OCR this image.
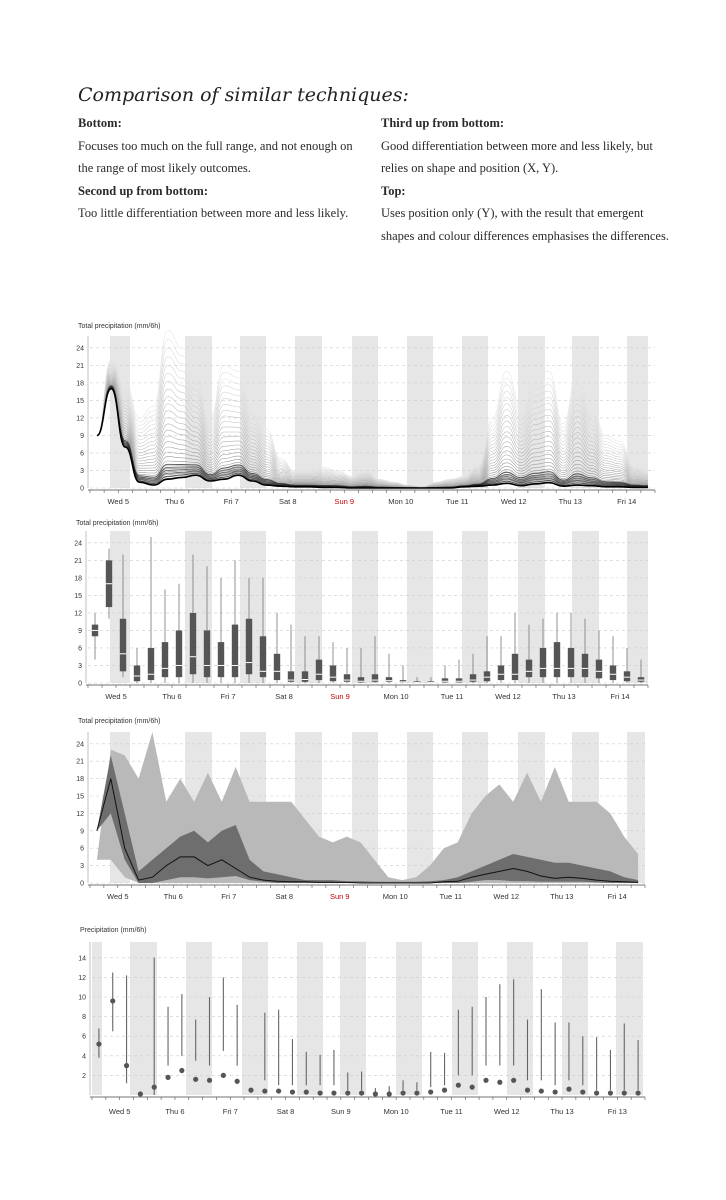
Comparison of similar techniques:
Bottom:
Focuses too much on the full range, and not enough on the range of most likely outcomes.
Second up from bottom:
Too little differentiation between more and less likely.
Third up from bottom:
Good differentiation between more and less likely, but relies on shape and position (X, Y).
Top:
Uses position only (Y), with the result that emergent shapes and colour differences emphasises the differences.
0
3
6
9
12
15
18
21
24
Total precipitation (mm/6h)
Wed 5	Thu 6	Fri 7	Sat 8	Sun 9	Mon 10	Tue 11	Wed 12	Thu 13	Fri 14
0
3
6
9
12
15
18
21
24
Total precipitation (mm/6h)
Wed 5	Thu 6	Fri 7	Sat 8	Sun 9	Mon 10	Tue 11	Wed 12	Thu 13	Fri 14
0
3
6
9
12
15
18
21
24
Total precipitation (mm/6h)
Wed 5	Thu 6	Fri 7	Sat 8	Sun 9	Mon 10	Tue 11	Wed 12	Thu 13	Fri 14
2
4
6
8
10
12
14
Precipitation (mm/6h)
Wed 5	Thu 6	Fri 7	Sat 8	Sun 9	Mon 10	Tue 11	Wed 12	Thu 13	Fri 13
